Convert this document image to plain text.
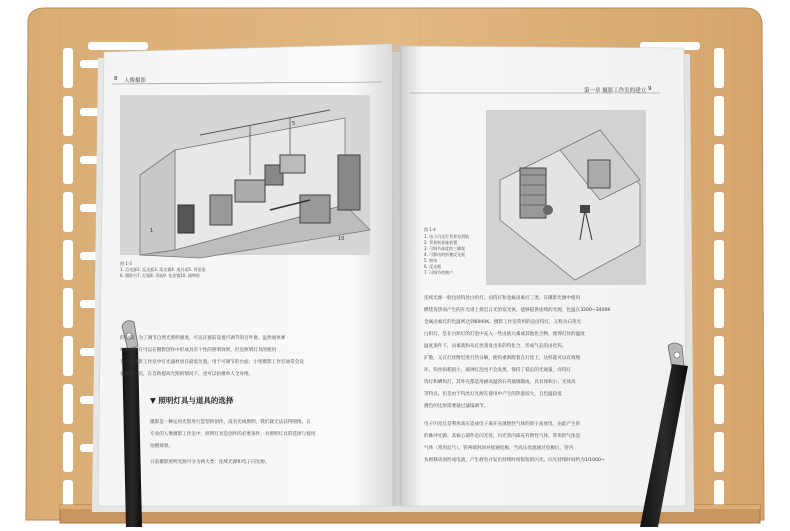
1
5
10
8 人像摄影
图 1-3
1. 点光源2. 反光板3. 柔光箱4. 道具桌5. 背景架
6. 摄影台7. 灯架8. 吊轨9. 化妆镜10. 储物柜
的空间，为了调节自然光照明强度，可以在窗前设置可调节的百叶窗。虽然通体弹
如使用侧灯可以在摄影创作中形成具有个性的照明效果，但是照明灯具的使用
在小型摄影工作室中灯光器材放在最低位置，用于可调节的台面；小型摄影工作室通常会设
备摄影人员，在自助提高光照的情况下，也可以拍摄单人全身像。
▼ 照明灯具与道具的选择
摄影是一种运用光影进行造型的创作。没有光线照明，我们就无法获得图像。在
专业的人像摄影工作室中，照明灯具是创作的必要条件，对照明灯具的选择与使用
拍摄效果。
日前摄影照明光源可分为两大类：连续光源和电子闪光源。
第一章 摄影工作室的建立 9
图 1-4
1. 电子闪光灯背景布滑轨
2. 背景纸卷轴装置
3. 可调节高度的三脚架
4. 可移动的折叠反光板
5. 窗帘
6. 反光板
7. 可调节的窗户
连续光源一般包括钨丝白炽灯、卤钨灯和金属卤素灯三类。在摄影光源中使用
燃烧发热而产生的在光谱上接近日光的发光体，能够提供连续的光源，色温在3200~3400K
金属卤素灯的色温则达到6000K。摄影工作室常用的是卤钨灯，又称为石英光
白炽灯，是在白炽灯的灯泡中充入一些卤族元素或其他化合物，使得灯丝的温度
温度条件下，卤素就和从灯丝蒸发出来的钨化合，形成气态的卤化钨。
扩散，又在灯丝附近进行热分解，使钨重新附着在灯丝上，这样就可以有效地
环，钨丝损耗很小，玻璃灯泡也不会发黑，保持了稳定的光通量，卤钨灯
钨灯和碘钨灯，其外壳都是用耐高温的石英玻璃制成，具有体积小、光效高
等特点。但是由于钨丝灯光源在使用中产生的热量较大，且色温较低
摄色的还原需要通过滤镜调节。
电子闪光灯是利用高压造成电子离开充填惰性气体的原子而放电，由此产生的
的脉冲光源。其核心部件是闪光管，闪光管内部充有惰性气体，常用的气体是
气体（常用氙气）。管两端封闭并接通电极，当高压电流通过电极后，管内
负极移动而形成电流，产生放电并发出持续时间很短的闪光。闪光持续时间约为1/1000~
